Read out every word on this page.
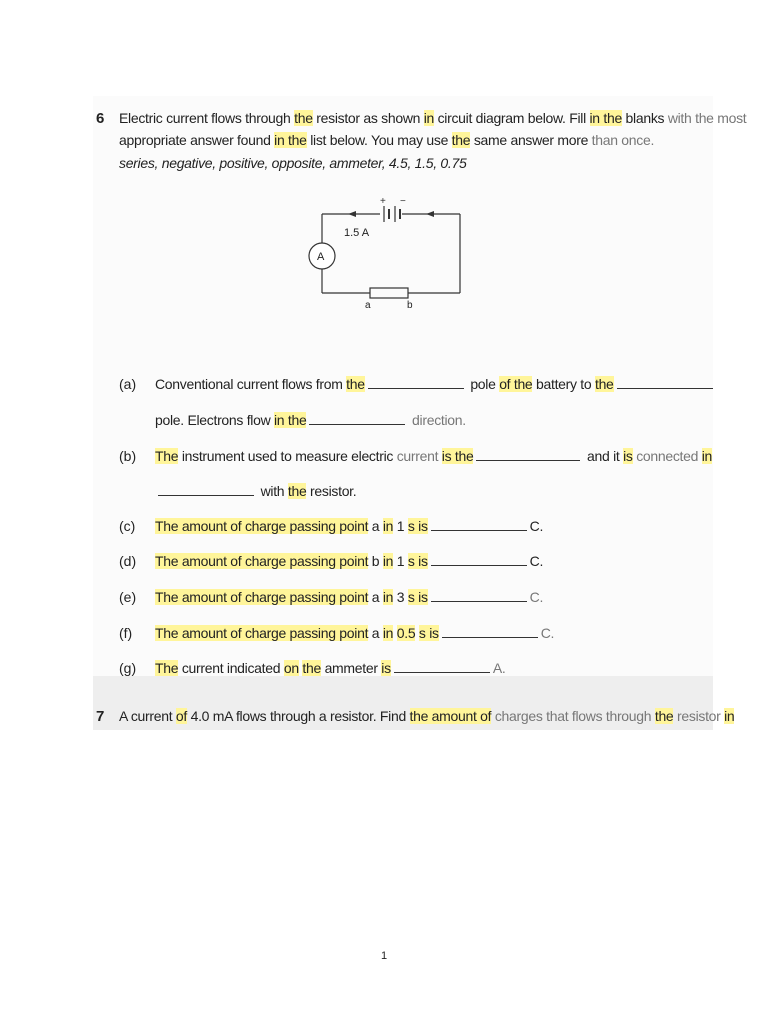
6 Electric current flows through the resistor as shown in circuit diagram below. Fill in the blanks with the most
appropriate answer found in the list below. You may use the same answer more than once.
series, negative, positive, opposite, ammeter, 4.5, 1.5, 0.75
+ −
1.5 A
A
a	b
(a) Conventional current flows from the	pole of the battery to the
pole. Electrons flow in the	direction.
(b) The instrument used to measure electric current is the	and it is connected in
with the resistor.
(c) The amount of charge passing point a in 1 s is	C.
(d) The amount of charge passing point b in 1 s is	C.
(e) The amount of charge passing point a in 3 s is	C.
(f) The amount of charge passing point a in 0.5 s is	C.
(g) The current indicated on the ammeter is	A.
7 A current of 4.0 mA flows through a resistor. Find the amount of charges that flows through the resistor in
1
